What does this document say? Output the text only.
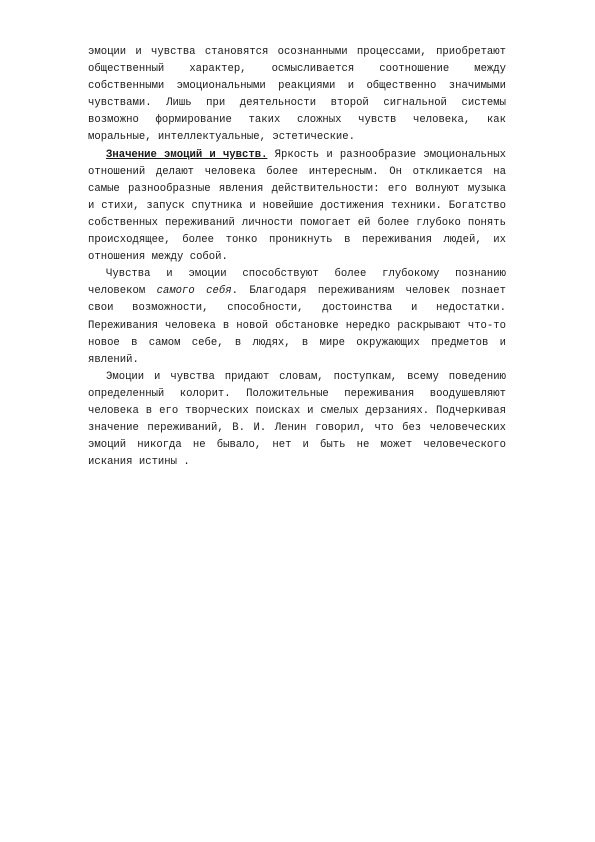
эмоции и чувства становятся осознанными процессами, приобретают общественный характер, осмысливается соотношение между собственными эмоциональными реакциями и общественно значимыми чувствами. Лишь при деятельности второй сигнальной системы возможно формирование таких сложных чувств человека, как моральные, интеллектуальные, эстетические.

Значение эмоций и чувств. Яркость и разнообразие эмоциональных отношений делают человека более интересным. Он откликается на самые разнообразные явления действительности: его волнуют музыка и стихи, запуск спутника и новейшие достижения техники. Богатство собственных переживаний личности помогает ей более глубоко понять происходящее, более тонко проникнуть в переживания людей, их отношения между собой.

Чувства и эмоции способствуют более глубокому познанию человеком самого себя. Благодаря переживаниям человек познает свои возможности, способности, достоинства и недостатки. Переживания человека в новой обстановке нередко раскрывают что-то новое в самом себе, в людях, в мире окружающих предметов и явлений.

Эмоции и чувства придают словам, поступкам, всему поведению определенный колорит. Положительные переживания воодушевляют человека в его творческих поисках и смелых дерзаниях. Подчеркивая значение переживаний, В. И. Ленин говорил, что без человеческих эмоций никогда не бывало, нет и быть не может человеческого искания истины .
